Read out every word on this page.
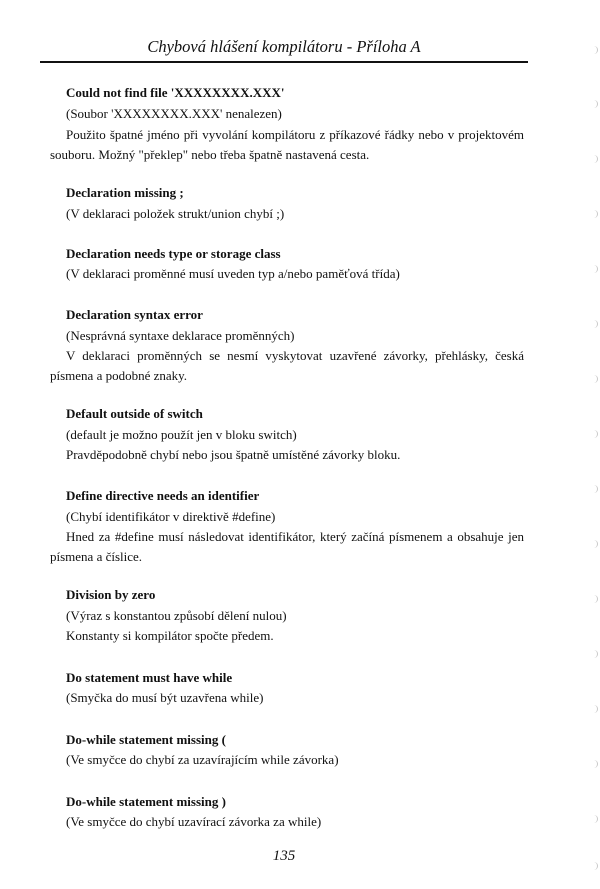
Chybová hlášení kompilátoru - Příloha A
Could not find file 'XXXXXXXX.XXX'
(Soubor 'XXXXXXXX.XXX' nenalezen)
Použito špatné jméno při vyvolání kompilátoru z příkazové řádky nebo v projektovém souboru. Možný "překlep" nebo třeba špatně nastavená cesta.
Declaration missing ;
(V deklaraci položek strukt/union chybí ;)
Declaration needs type or storage class
(V deklaraci proměnné musí uveden typ a/nebo paměťová třída)
Declaration syntax error
(Nesprávná syntaxe deklarace proměnných)
V deklaraci proměnných se nesmí vyskytovat uzavřené závorky, přehlásky, česká písmena a podobné znaky.
Default outside of switch
(default je možno použít jen v bloku switch)
Pravděpodobně chybí nebo jsou špatně umístěné závorky bloku.
Define directive needs an identifier
(Chybí identifikátor v direktivě #define)
Hned za #define musí následovat identifikátor, který začíná písmenem a obsahuje jen písmena a číslice.
Division by zero
(Výraz s konstantou způsobí dělení nulou)
Konstanty si kompilátor spočte předem.
Do statement must have while
(Smyčka do musí být uzavřena while)
Do-while statement missing (
(Ve smyčce do chybí za uzavírajícím while závorka)
Do-while statement missing )
(Ve smyčce do chybí uzavírací závorka za while)
135
